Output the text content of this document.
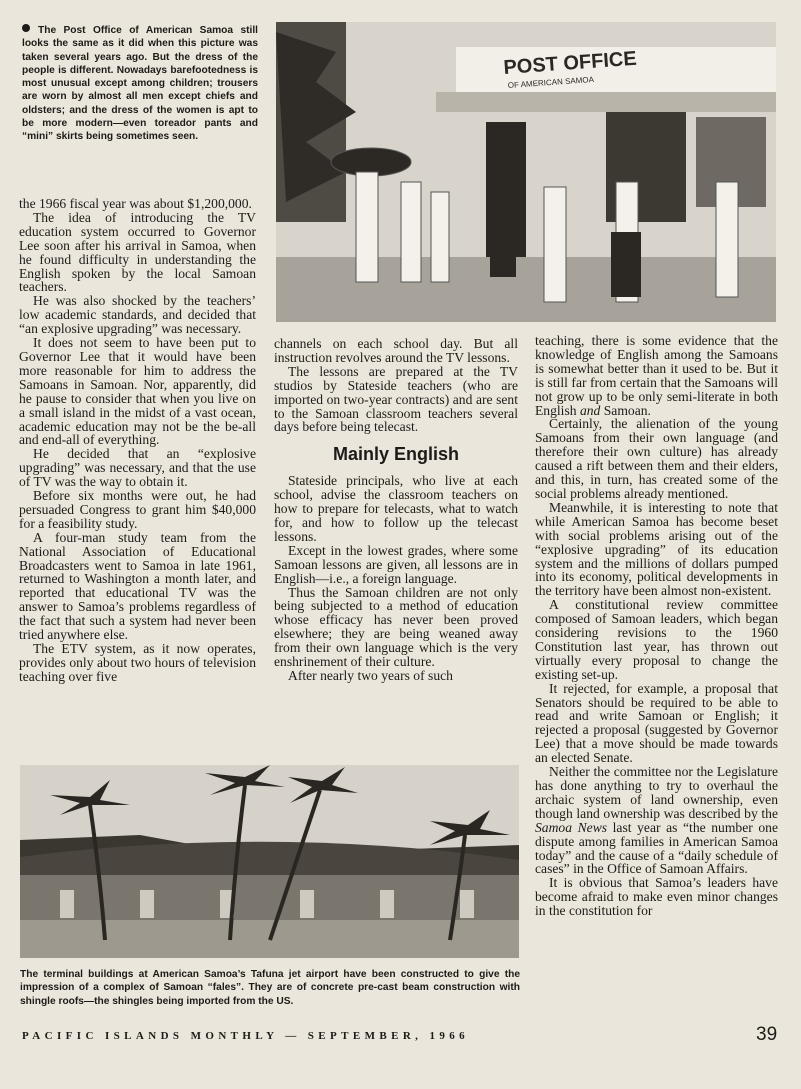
The Post Office of American Samoa still looks the same as it did when this picture was taken several years ago. But the dress of the people is different. Nowadays barefootedness is most unusual except among children; trousers are worn by almost all men except chiefs and oldsters; and the dress of the women is apt to be more modern—even toreador pants and “mini” skirts being sometimes seen.
POST OFFICE
OF AMERICAN SAMOA

the 1966 fiscal year was about $1,200,000.

The idea of introducing the TV education system occurred to Governor Lee soon after his arrival in Samoa, when he found difficulty in understanding the English spoken by the local Samoan teachers.

He was also shocked by the teachers’ low academic standards, and decided that “an explosive upgrading” was necessary.

It does not seem to have been put to Governor Lee that it would have been more reasonable for him to address the Samoans in Samoan. Nor, apparently, did he pause to consider that when you live on a small island in the midst of a vast ocean, academic education may not be the be-all and end-all of everything.

He decided that an “explosive upgrading” was necessary, and that the use of TV was the way to obtain it.

Before six months were out, he had persuaded Congress to grant him $40,000 for a feasibility study.

A four-man study team from the National Association of Educational Broadcasters went to Samoa in late 1961, returned to Washington a month later, and reported that educational TV was the answer to Samoa’s problems regardless of the fact that such a system had never been tried anywhere else.

The ETV system, as it now operates, provides only about two hours of television teaching over five

channels on each school day. But all instruction revolves around the TV lessons.

The lessons are prepared at the TV studios by Stateside teachers (who are imported on two-year contracts) and are sent to the Samoan classroom teachers several days before being telecast.

Mainly English

Stateside principals, who live at each school, advise the classroom teachers on how to prepare for telecasts, what to watch for, and how to follow up the telecast lessons.

Except in the lowest grades, where some Samoan lessons are given, all lessons are in English—i.e., a foreign language.

Thus the Samoan children are not only being subjected to a method of education whose efficacy has never been proved elsewhere; they are being weaned away from their own language which is the very enshrinement of their culture.

After nearly two years of such

teaching, there is some evidence that the knowledge of English among the Samoans is somewhat better than it used to be. But it is still far from certain that the Samoans will not grow up to be only semi-literate in both English and Samoan.

Certainly, the alienation of the young Samoans from their own language (and therefore their own culture) has already caused a rift between them and their elders, and this, in turn, has created some of the social problems already mentioned.

Meanwhile, it is interesting to note that while American Samoa has become beset with social problems arising out of the “explosive upgrading” of its education system and the millions of dollars pumped into its economy, political developments in the territory have been almost non-existent.

A constitutional review committee composed of Samoan leaders, which began considering revisions to the 1960 Constitution last year, has thrown out virtually every proposal to change the existing set-up.

It rejected, for example, a proposal that Senators should be required to be able to read and write Samoan or English; it rejected a proposal (suggested by Governor Lee) that a move should be made towards an elected Senate.

Neither the committee nor the Legislature has done anything to try to overhaul the archaic system of land ownership, even though land ownership was described by the Samoa News last year as “the number one dispute among families in American Samoa today” and the cause of a “daily schedule of cases” in the Office of Samoan Affairs.

It is obvious that Samoa’s leaders have become afraid to make even minor changes in the constitution for

The terminal buildings at American Samoa’s Tafuna jet airport have been constructed to give the impression of a complex of Samoan “fales”. They are of concrete pre-cast beam construction with shingle roofs—the shingles being imported from the US.
PACIFIC ISLANDS MONTHLY — SEPTEMBER, 1966	39
